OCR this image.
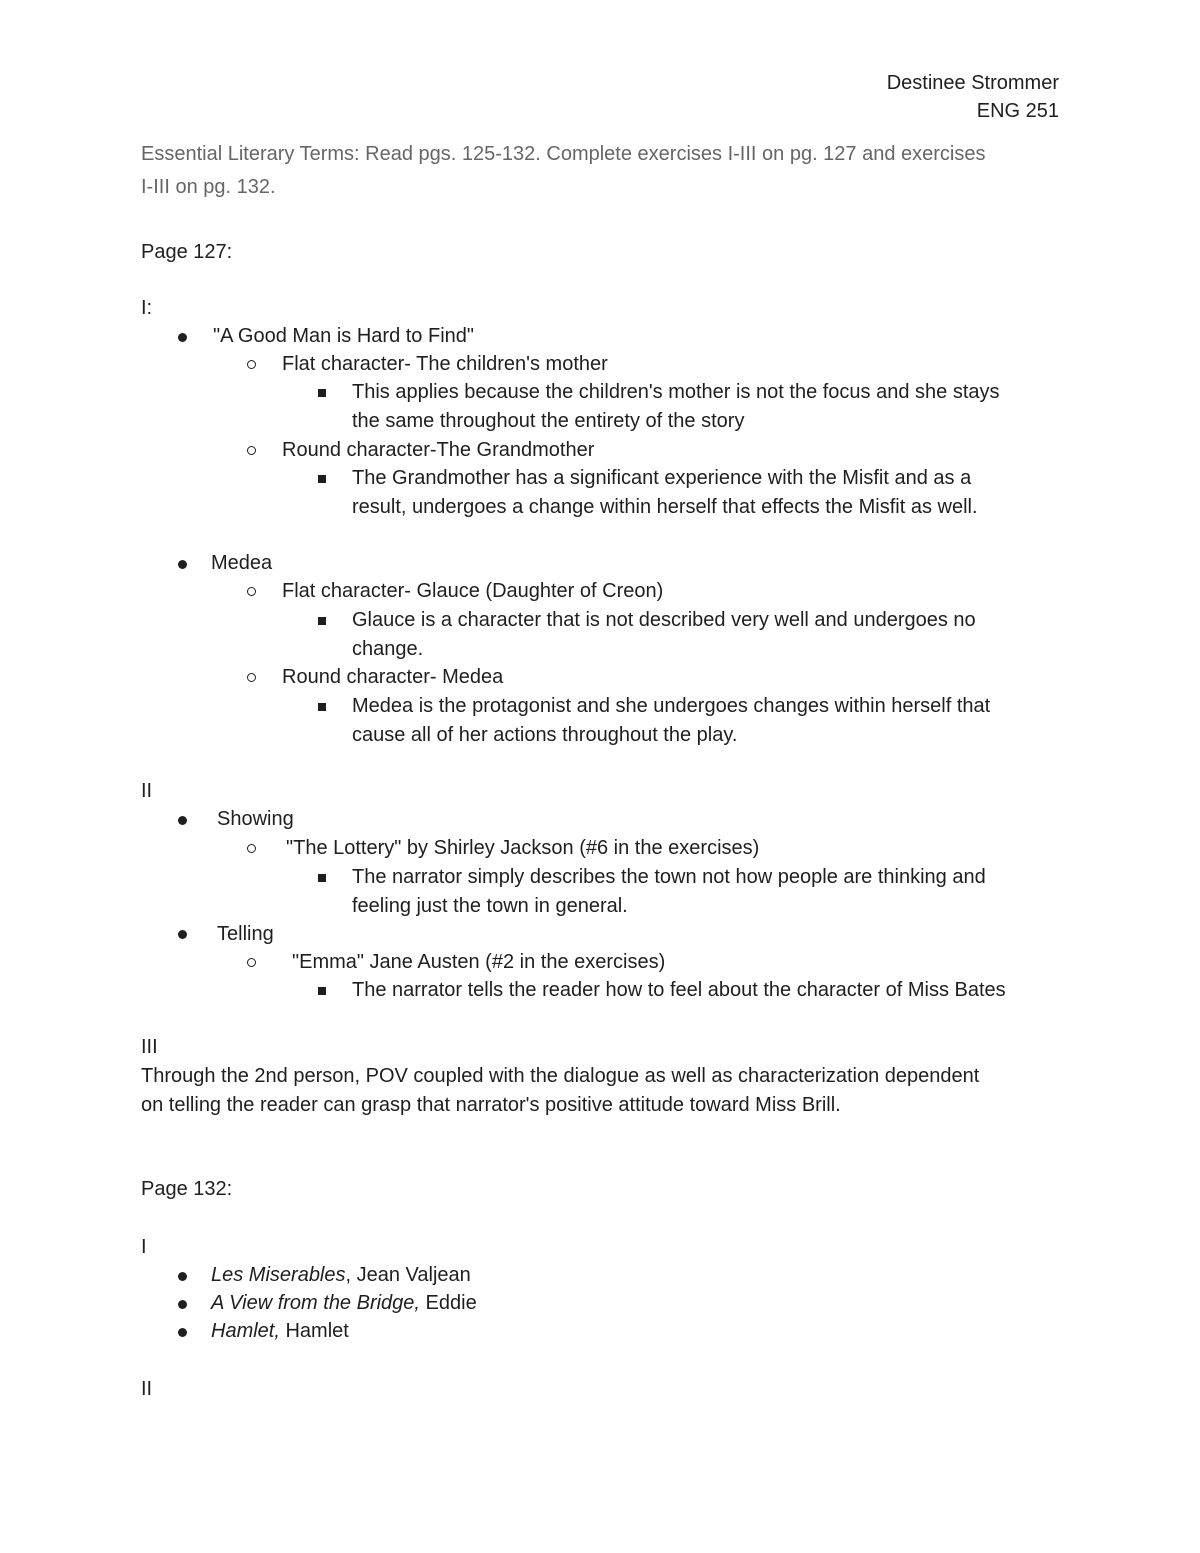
Destinee Strommer
ENG 251
Essential Literary Terms: Read pgs. 125-132. Complete exercises I-III on pg. 127 and exercises
I-III on pg. 132.
Page 127:
I:
"A Good Man is Hard to Find"
Flat character- The children's mother
This applies because the children's mother is not the focus and she stays
the same throughout the entirety of the story
Round character-The Grandmother
The Grandmother has a significant experience with the Misfit and as a
result, undergoes a change within herself that effects the Misfit as well.
Medea
Flat character- Glauce (Daughter of Creon)
Glauce is a character that is not described very well and undergoes no
change.
Round character- Medea
Medea is the protagonist and she undergoes changes within herself that
cause all of her actions throughout the play.
II
Showing
"The Lottery" by Shirley Jackson (#6 in the exercises)
The narrator simply describes the town not how people are thinking and
feeling just the town in general.
Telling
"Emma" Jane Austen (#2 in the exercises)
The narrator tells the reader how to feel about the character of Miss Bates
III
Through the 2nd person, POV coupled with the dialogue as well as characterization dependent
on telling the reader can grasp that narrator's positive attitude toward Miss Brill.
Page 132:
I
Les Miserables, Jean Valjean
A View from the Bridge, Eddie
Hamlet, Hamlet
II
